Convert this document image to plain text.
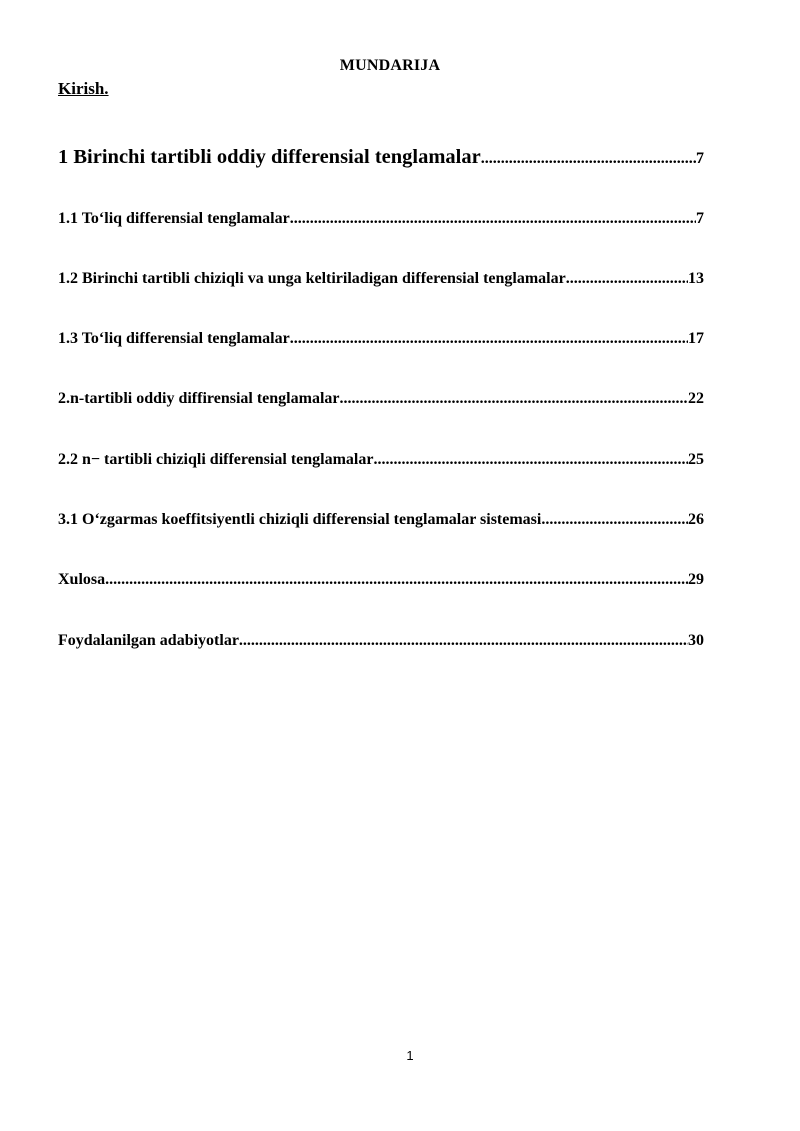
MUNDARIJA
Kirish.
1 Birinchi tartibli oddiy differensial tenglamalar .....	7
1.1 To‘liq differensial tenglamalar .....	7
1.2 Birinchi tartibli chiziqli va unga keltiriladigan differensial tenglamalar .....	13
1.3 To‘liq differensial tenglamalar .....	17
2.n-tartibli oddiy diffirensial tenglamalar .....	22
2.2 n− tartibli chiziqli differensial tenglamalar .....	25
3.1 O‘zgarmas koeffitsiyentli chiziqli differensial tenglamalar sistemasi .....	26
Xulosa .....	29
Foydalanilgan adabiyotlar .....	30
1
